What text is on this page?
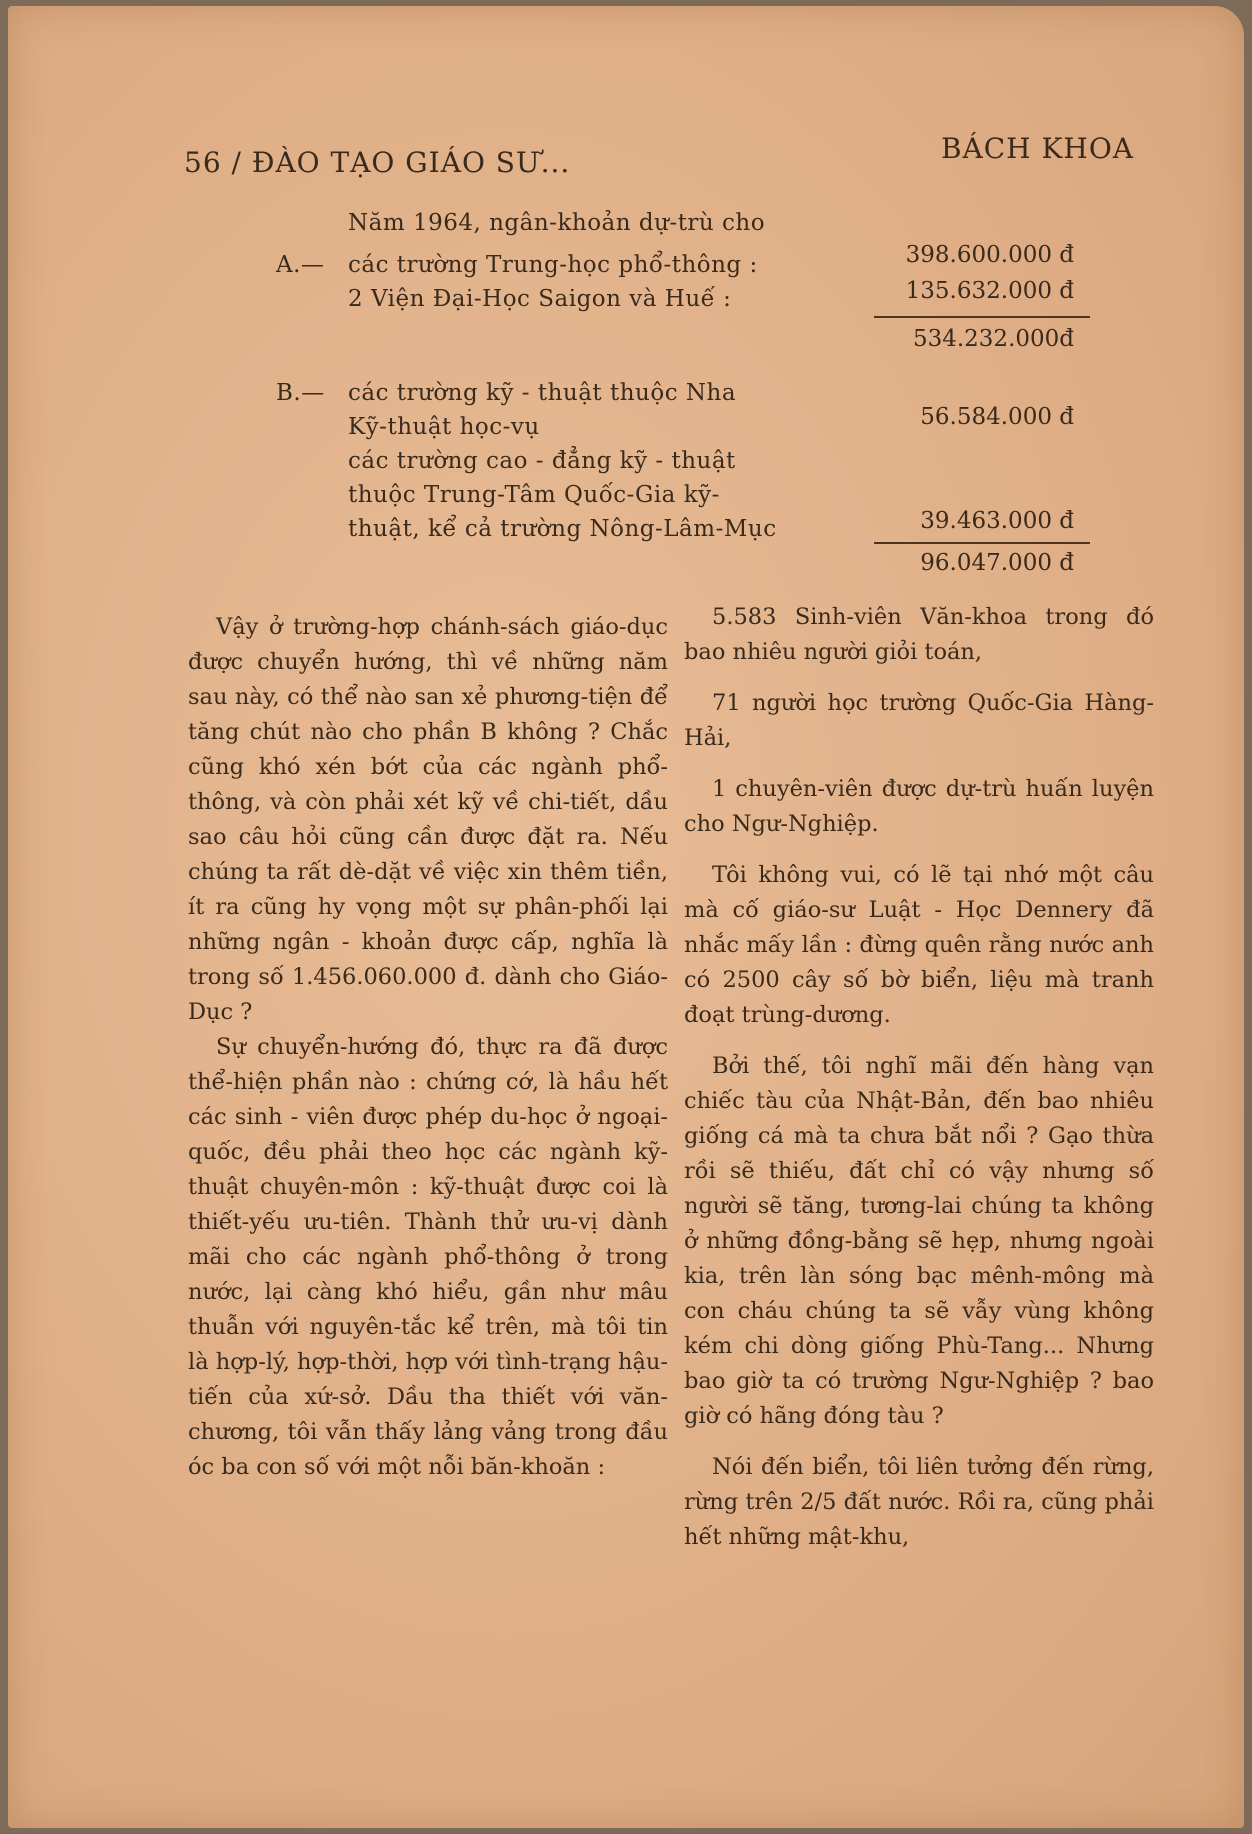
56 / ĐÀO TẠO GIÁO SƯ...	BÁCH KHOA
Năm 1964, ngân-khoản dự-trù cho
A.— các trường Trung-học phổ-thông :	398.600.000 đ
2 Viện Đại-Học Saigon và Huế :	135.632.000 đ
534.232.000đ
B.— các trường kỹ - thuật thuộc Nha
Kỹ-thuật học-vụ	56.584.000 đ
các trường cao - đẳng kỹ - thuật
thuộc Trung-Tâm Quốc-Gia kỹ-
thuật, kể cả trường Nông-Lâm-Mục	39.463.000 đ
96.047.000 đ

Vậy ở trường-hợp chánh-sách giáo-dục được chuyển hướng, thì về những năm sau này, có thể nào san xẻ phương-tiện để tăng chút nào cho phần B không ? Chắc cũng khó xén bớt của các ngành phổ-thông, và còn phải xét kỹ về chi-tiết, dầu sao câu hỏi cũng cần được đặt ra. Nếu chúng ta rất dè-dặt về việc xin thêm tiền, ít ra cũng hy vọng một sự phân-phối lại những ngân - khoản được cấp, nghĩa là trong số 1.456.060.000 đ. dành cho Giáo-Dục ?

Sự chuyển-hướng đó, thực ra đã được thể-hiện phần nào : chứng cớ, là hầu hết các sinh - viên được phép du-học ở ngoại-quốc, đều phải theo học các ngành kỹ-thuật chuyên-môn : kỹ-thuật được coi là thiết-yếu ưu-tiên. Thành thử ưu-vị dành mãi cho các ngành phổ-thông ở trong nước, lại càng khó hiểu, gần như mâu thuẫn với nguyên-tắc kể trên, mà tôi tin là hợp-lý, hợp-thời, hợp với tình-trạng hậu-tiến của xứ-sở. Dầu tha thiết với văn-chương, tôi vẫn thấy lảng vảng trong đầu óc ba con số với một nỗi băn-khoăn :

5.583 Sinh-viên Văn-khoa trong đó bao nhiêu người giỏi toán,

71 người học trường Quốc-Gia Hàng-Hải,

1 chuyên-viên được dự-trù huấn luyện cho Ngư-Nghiệp.

Tôi không vui, có lẽ tại nhớ một câu mà cố giáo-sư Luật - Học Dennery đã nhắc mấy lần : đừng quên rằng nước anh có 2500 cây số bờ biển, liệu mà tranh đoạt trùng-dương.

Bởi thế, tôi nghĩ mãi đến hàng vạn chiếc tàu của Nhật-Bản, đến bao nhiêu giống cá mà ta chưa bắt nổi ? Gạo thừa rồi sẽ thiếu, đất chỉ có vậy nhưng số người sẽ tăng, tương-lai chúng ta không ở những đồng-bằng sẽ hẹp, nhưng ngoài kia, trên làn sóng bạc mênh-mông mà con cháu chúng ta sẽ vẫy vùng không kém chi dòng giống Phù-Tang... Nhưng bao giờ ta có trường Ngư-Nghiệp ? bao giờ có hãng đóng tàu ?

Nói đến biển, tôi liên tưởng đến rừng, rừng trên 2/5 đất nước. Rồi ra, cũng phải hết những mật-khu,
